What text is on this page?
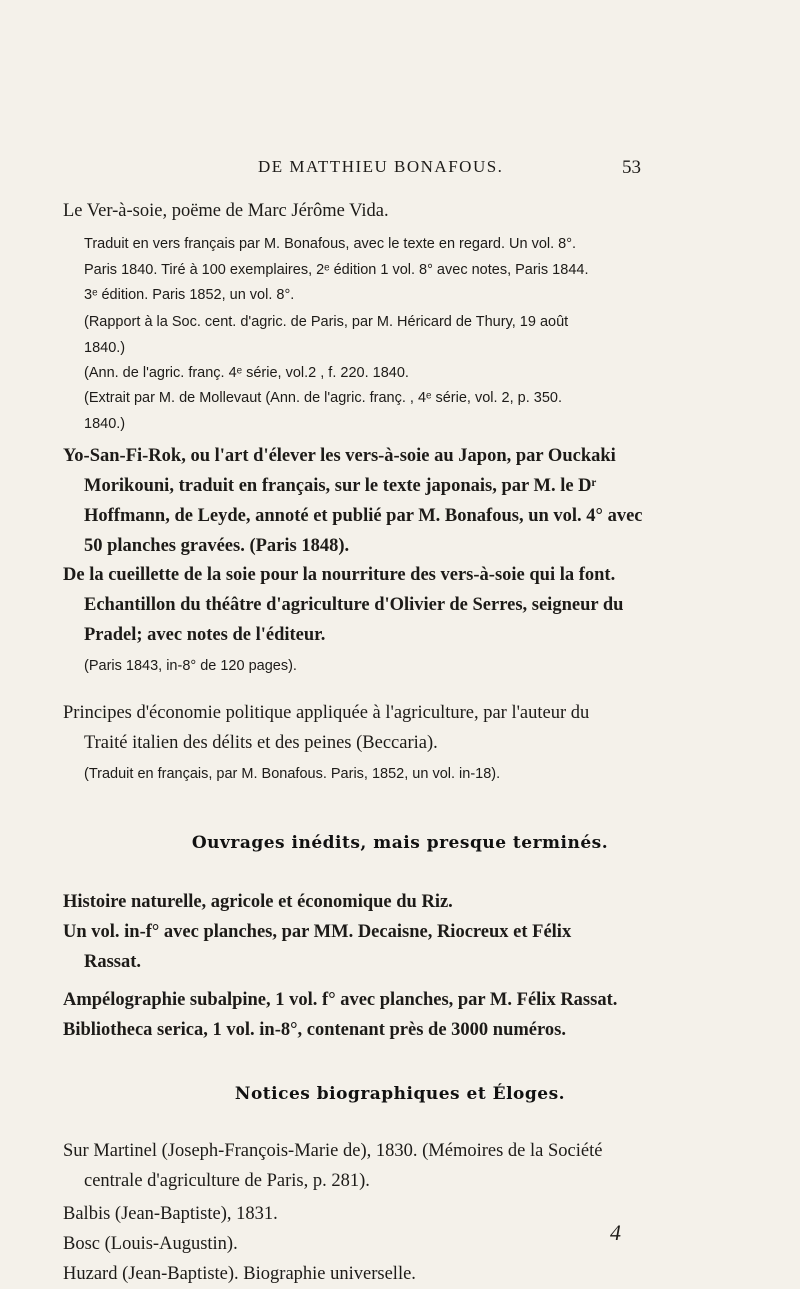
DE MATTHIEU BONAFOUS.	53

Le Ver-à-soie, poëme de Marc Jérôme Vida.

Traduit en vers français par M. Bonafous, avec le texte en regard. Un vol. 8°.
Paris 1840. Tiré à 100 exemplaires, 2ᵉ édition 1 vol. 8° avec notes, Paris 1844.
3ᵉ édition. Paris 1852, un vol. 8°.

(Rapport à la Soc. cent. d'agric. de Paris, par M. Héricard de Thury, 19 août
1840.)

(Ann. de l'agric. franç. 4ᵉ série, vol.2 , f. 220. 1840.

(Extrait par M. de Mollevaut (Ann. de l'agric. franç. , 4ᵉ série, vol. 2, p. 350.
1840.)

Yo-San-Fi-Rok, ou l'art d'élever les vers-à-soie au Japon, par Ouckaki
Morikouni, traduit en français, sur le texte japonais, par M. le Dʳ
Hoffmann, de Leyde, annoté et publié par M. Bonafous, un vol. 4° avec
50 planches gravées. (Paris 1848).

De la cueillette de la soie pour la nourriture des vers-à-soie qui la font.
Echantillon du théâtre d'agriculture d'Olivier de Serres, seigneur du
Pradel; avec notes de l'éditeur.

(Paris 1843, in-8° de 120 pages).

Principes d'économie politique appliquée à l'agriculture, par l'auteur du
Traité italien des délits et des peines (Beccaria).

(Traduit en français, par M. Bonafous. Paris, 1852, un vol. in-18).

Ouvrages inédits, mais presque terminés.

Histoire naturelle, agricole et économique du Riz.

Un vol. in-f° avec planches, par MM. Decaisne, Riocreux et Félix
Rassat.

Ampélographie subalpine, 1 vol. f° avec planches, par M. Félix Rassat.

Bibliotheca serica, 1 vol. in-8°, contenant près de 3000 numéros.

Notices biographiques et Éloges.

Sur Martinel (Joseph-François-Marie de), 1830. (Mémoires de la Société
centrale d'agriculture de Paris, p. 281).

Balbis (Jean-Baptiste), 1831.

Bosc (Louis-Augustin).

Huzard (Jean-Baptiste). Biographie universelle.

4
